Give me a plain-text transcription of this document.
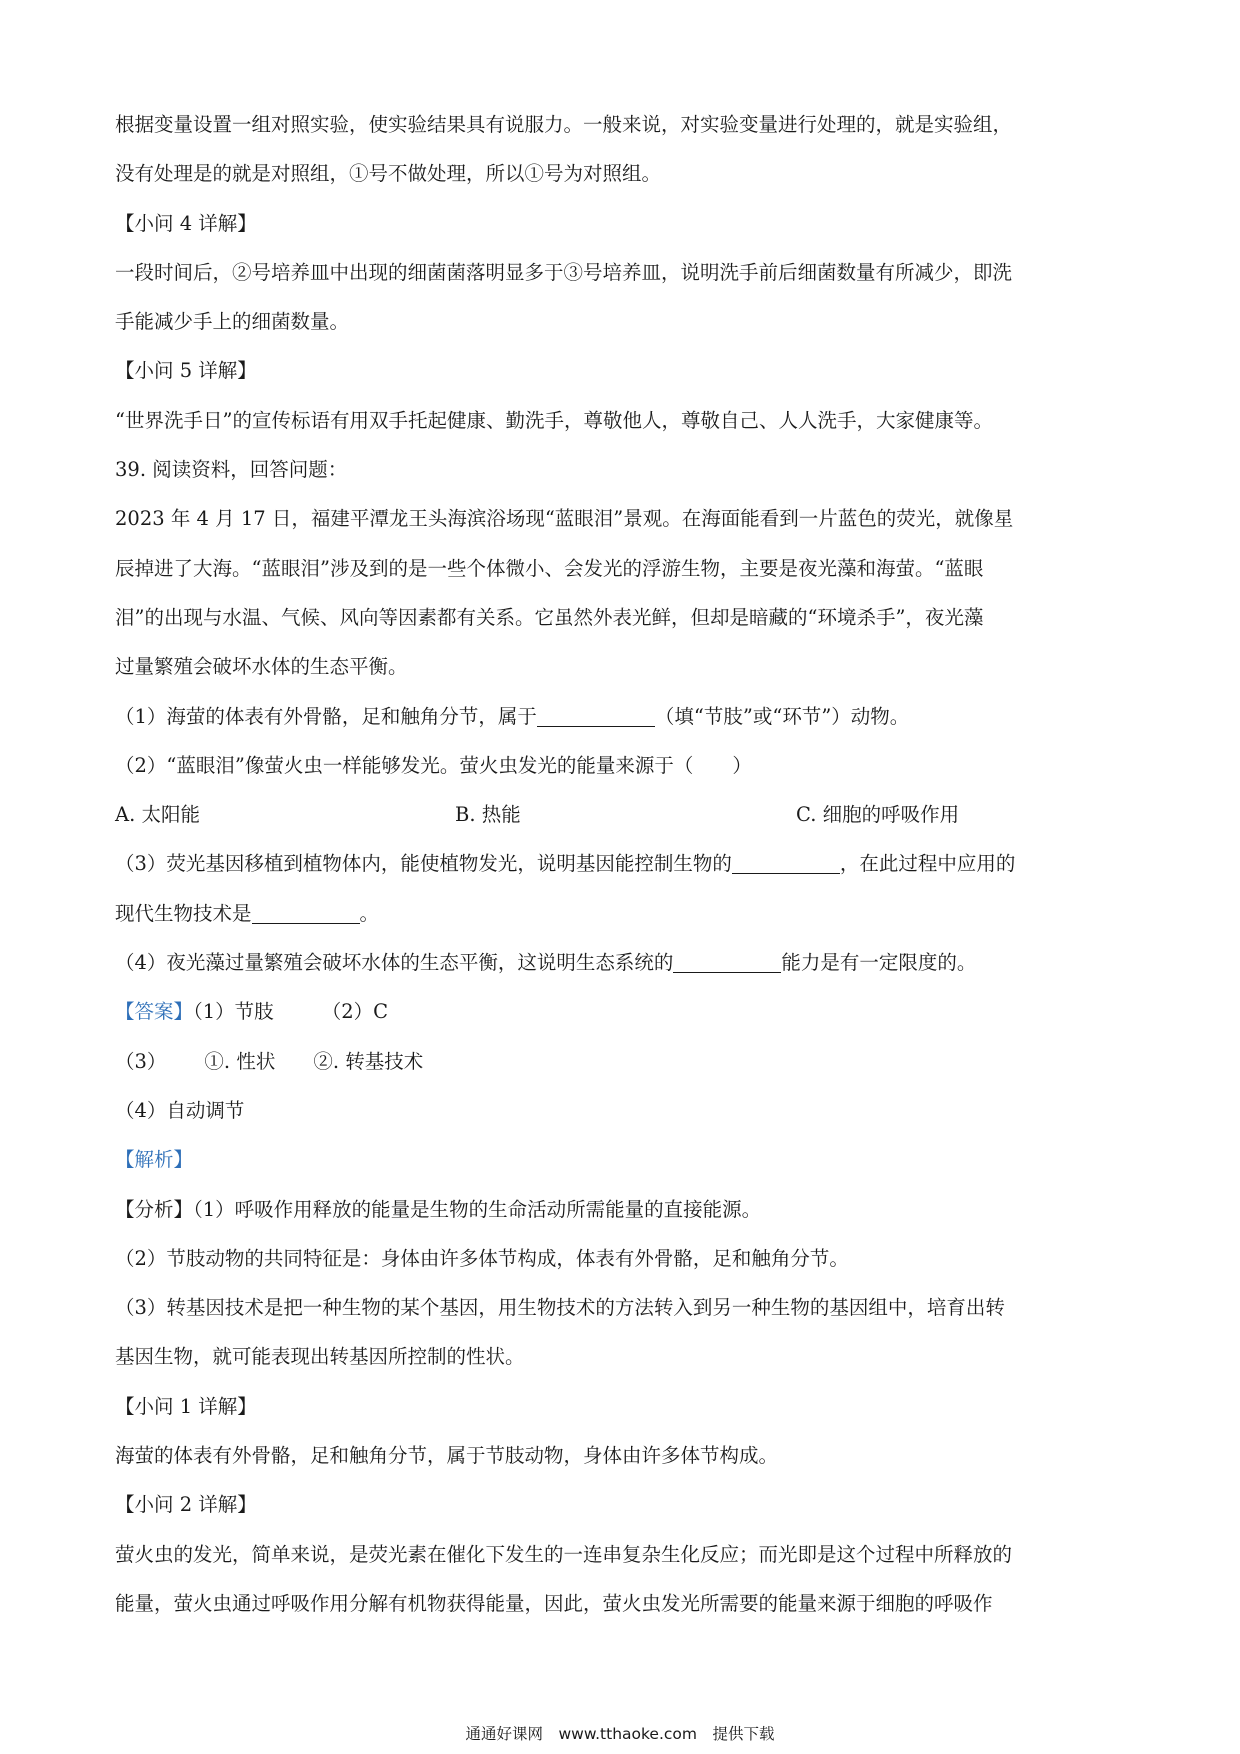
根据变量设置一组对照实验，使实验结果具有说服力。一般来说，对实验变量进行处理的，就是实验组，
没有处理是的就是对照组，①号不做处理，所以①号为对照组。
【小问 4 详解】
一段时间后，②号培养皿中出现的细菌菌落明显多于③号培养皿，说明洗手前后细菌数量有所减少，即洗
手能减少手上的细菌数量。
【小问 5 详解】
“世界洗手日”的宣传标语有用双手托起健康、勤洗手，尊敬他人，尊敬自己、人人洗手，大家健康等。
39. 阅读资料，回答问题：
2023 年 4 月 17 日，福建平潭龙王头海滨浴场现“蓝眼泪”景观。在海面能看到一片蓝色的荧光，就像星
辰掉进了大海。“蓝眼泪”涉及到的是一些个体微小、会发光的浮游生物，主要是夜光藻和海萤。“蓝眼
泪”的出现与水温、气候、风向等因素都有关系。它虽然外表光鲜，但却是暗藏的“环境杀手”，夜光藻
过量繁殖会破坏水体的生态平衡。
（1）海萤的体表有外骨骼，足和触角分节，属于	（填“节肢”或“环节”）动物。
（2）“蓝眼泪”像萤火虫一样能够发光。萤火虫发光的能量来源于（　　）
A. 太阳能	B. 热能	C. 细胞的呼吸作用
（3）荧光基因移植到植物体内，能使植物发光，说明基因能控制生物的	，在此过程中应用的
现代生物技术是	。
（4）夜光藻过量繁殖会破坏水体的生态平衡，这说明生态系统的	能力是有一定限度的。
【答案】（1）节肢 （2）C
（3） ①. 性状 ②. 转基技术
（4）自动调节
【解析】
【分析】（1）呼吸作用释放的能量是生物的生命活动所需能量的直接能源。
（2）节肢动物的共同特征是：身体由许多体节构成，体表有外骨骼，足和触角分节。
（3）转基因技术是把一种生物的某个基因，用生物技术的方法转入到另一种生物的基因组中，培育出转
基因生物，就可能表现出转基因所控制的性状。
【小问 1 详解】
海萤的体表有外骨骼，足和触角分节，属于节肢动物，身体由许多体节构成。
【小问 2 详解】
萤火虫的发光，简单来说，是荧光素在催化下发生的一连串复杂生化反应；而光即是这个过程中所释放的
能量，萤火虫通过呼吸作用分解有机物获得能量，因此，萤火虫发光所需要的能量来源于细胞的呼吸作
通通好课网　www.tthaoke.com　提供下载
